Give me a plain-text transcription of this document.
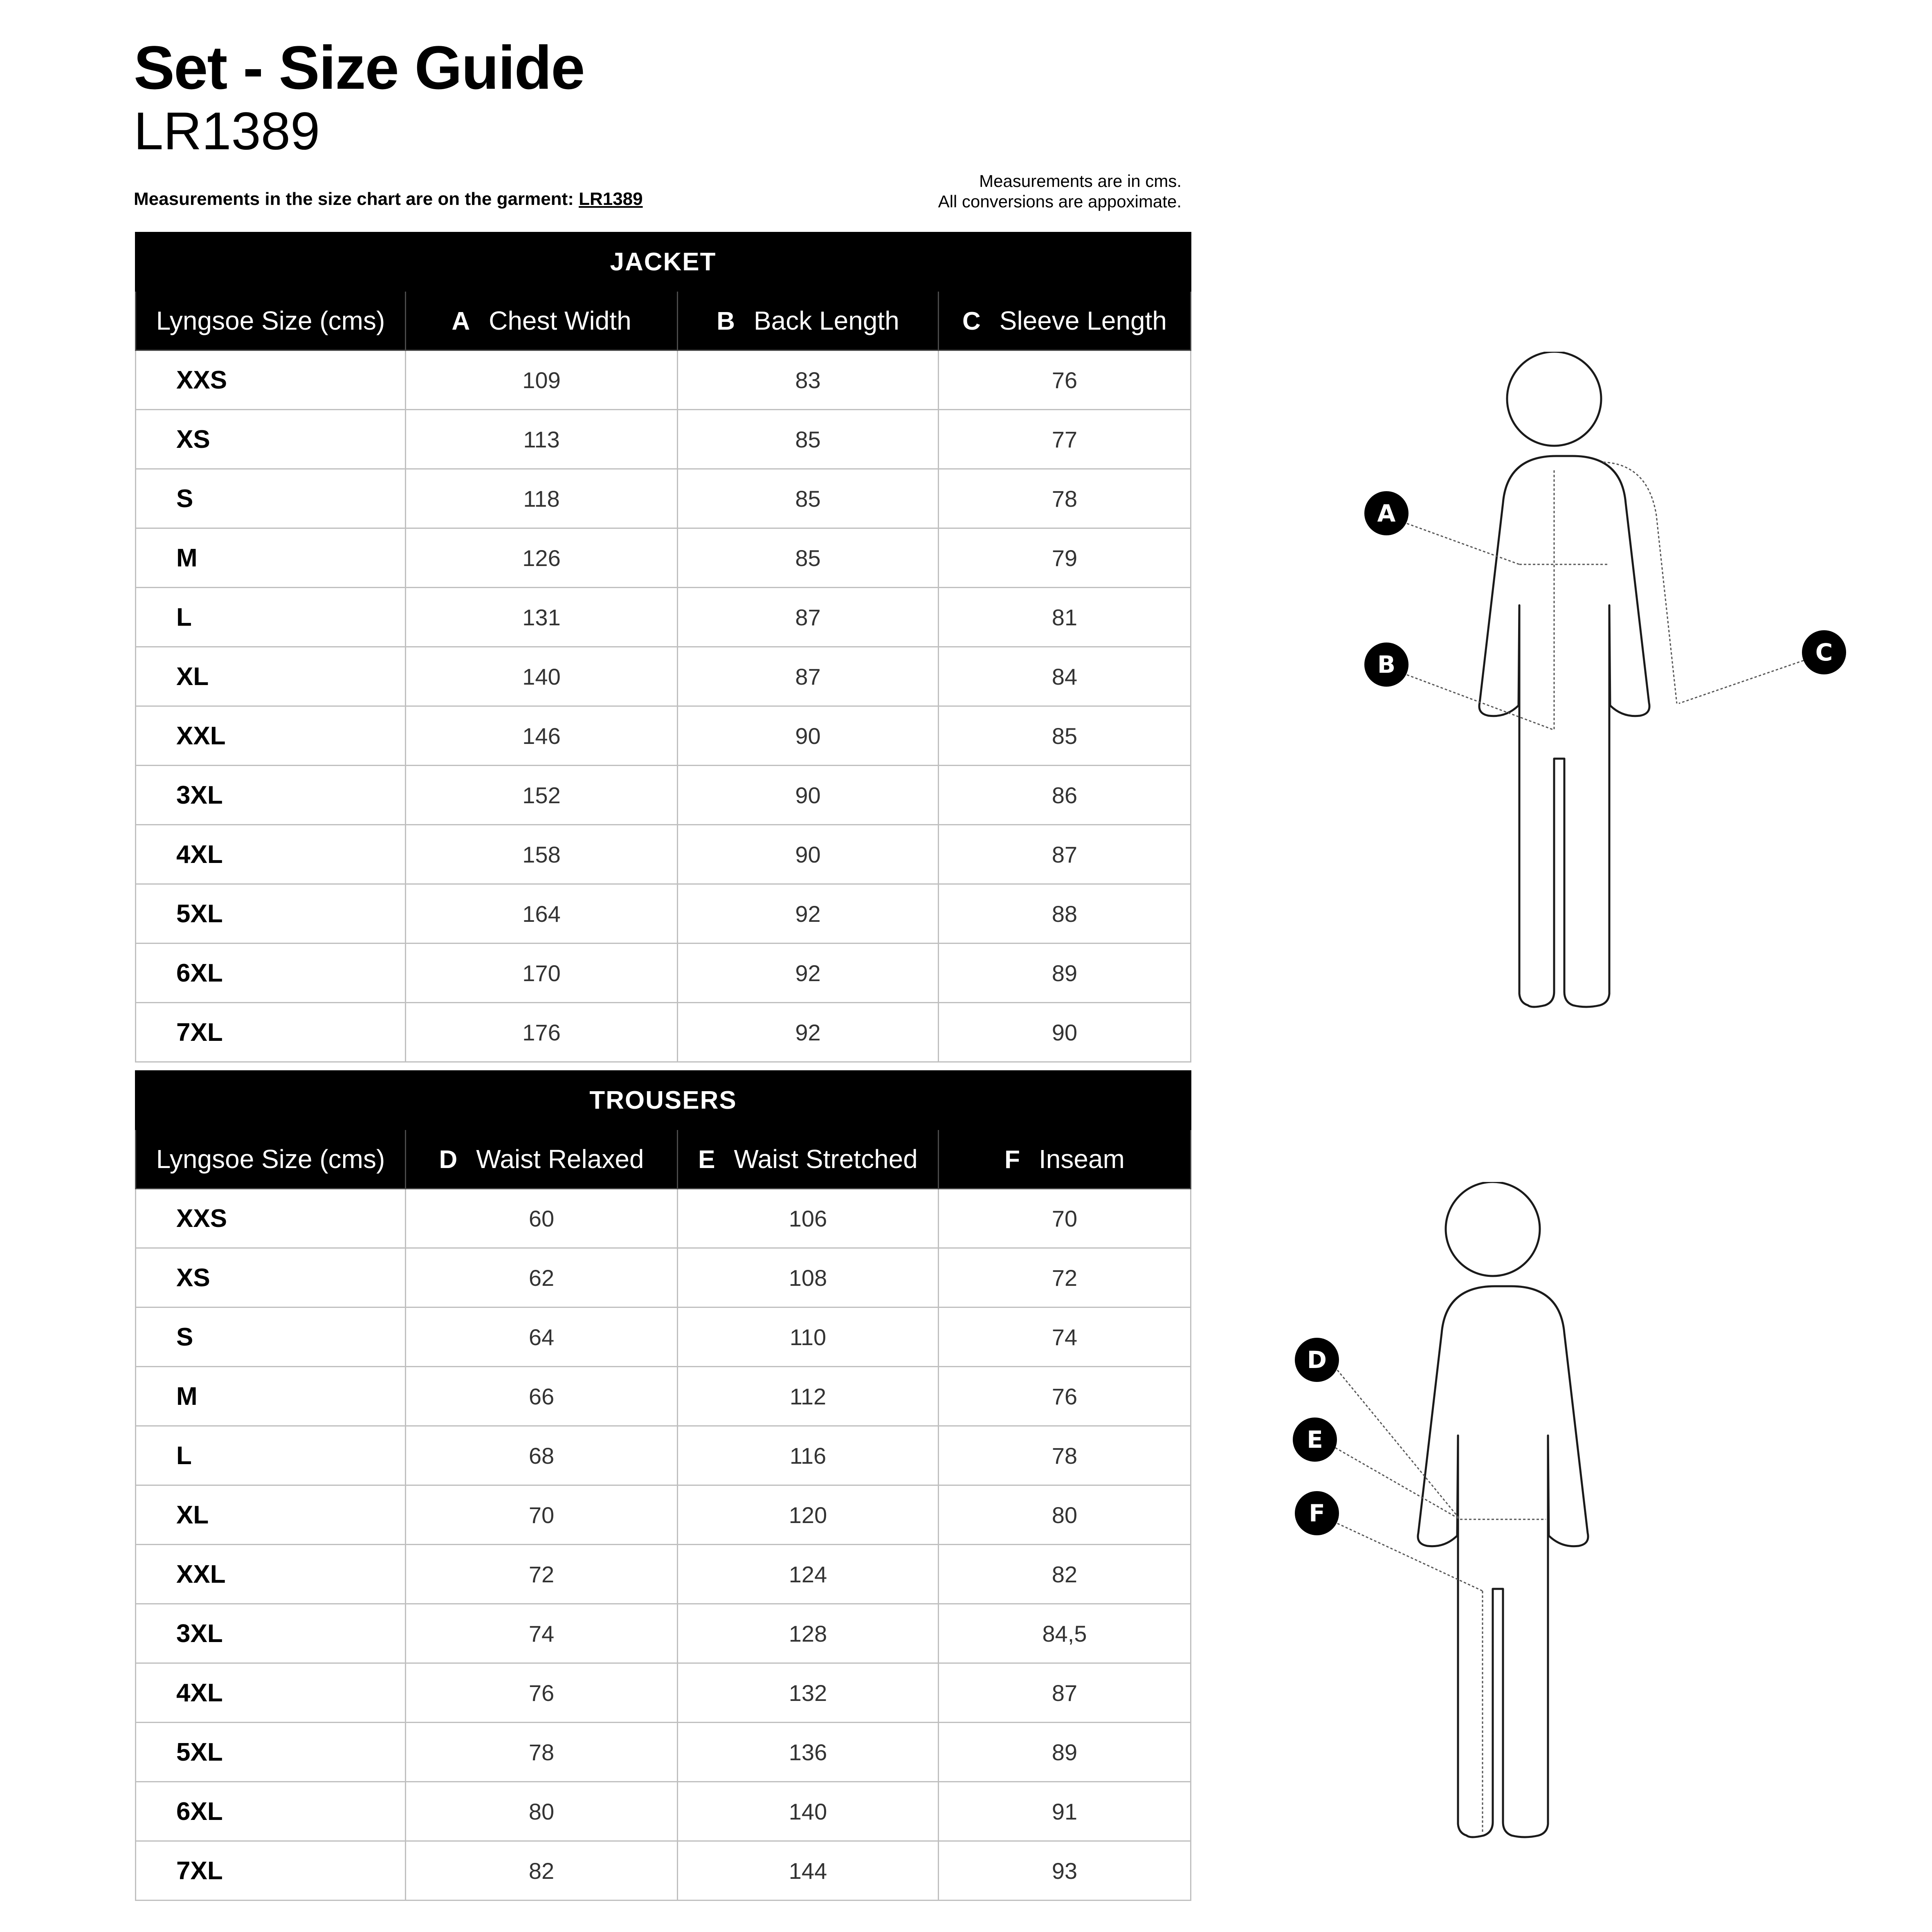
Set - Size Guide
LR1389
Measurements in the size chart are on the garment: LR1389
Measurements are in cms.
All conversions are appoximate.
JACKET			
Lyngsoe Size (cms)	A Chest Width	B Back Length	C Sleeve Length
XXS	109	83	76
XS	113	85	77
S	118	85	78
M	126	85	79
L	131	87	81
XL	140	87	84
XXL	146	90	85
3XL	152	90	86
4XL	158	90	87
5XL	164	92	88
6XL	170	92	89
7XL	176	92	90
TROUSERS			
Lyngsoe Size (cms)	D Waist Relaxed	E Waist Stretched	F Inseam
XXS	60	106	70
XS	62	108	72
S	64	110	74
M	66	112	76
L	68	116	78
XL	70	120	80
XXL	72	124	82
3XL	74	128	84,5
4XL	76	132	87
5XL	78	136	89
6XL	80	140	91
7XL	82	144	93
A
B	C
D
E
F
